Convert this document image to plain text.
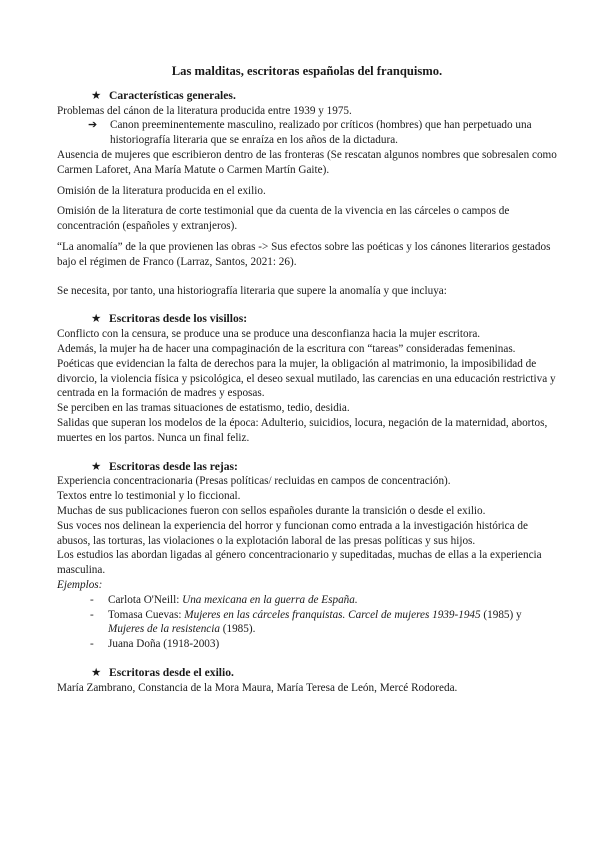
Las malditas, escritoras españolas del franquismo.

★ Características generales.

Problemas del cánon de la literatura producida entre 1939 y 1975.

➔ Canon preeminentemente masculino, realizado por críticos (hombres) que han perpetuado una historiografía literaria que se enraíza en los años de la dictadura.

Ausencia de mujeres que escribieron dentro de las fronteras (Se rescatan algunos nombres que sobresalen como Carmen Laforet, Ana María Matute o Carmen Martín Gaite).

Omisión de la literatura producida en el exilio.

Omisión de la literatura de corte testimonial que da cuenta de la vivencia en las cárceles o campos de concentración (españoles y extranjeros).

“La anomalía” de la que provienen las obras -> Sus efectos sobre las poéticas y los cánones literarios gestados bajo el régimen de Franco (Larraz, Santos, 2021: 26).

Se necesita, por tanto, una historiografía literaria que supere la anomalía y que incluya:

★ Escritoras desde los visillos:

Conflicto con la censura, se produce una se produce una desconfianza hacia la mujer escritora.

Además, la mujer ha de hacer una compaginación de la escritura con “tareas” consideradas femeninas.

Poéticas que evidencian la falta de derechos para la mujer, la obligación al matrimonio, la imposibilidad de divorcio, la violencia física y psicológica, el deseo sexual mutilado, las carencias en una educación restrictiva y centrada en la formación de madres y esposas.

Se perciben en las tramas situaciones de estatismo, tedio, desidia.

Salidas que superan los modelos de la época: Adulterio, suicidios, locura, negación de la maternidad, abortos, muertes en los partos. Nunca un final feliz.

★ Escritoras desde las rejas:

Experiencia concentracionaria (Presas políticas/ recluidas en campos de concentración).

Textos entre lo testimonial y lo ficcional.

Muchas de sus publicaciones fueron con sellos españoles durante la transición o desde el exilio.

Sus voces nos delinean la experiencia del horror y funcionan como entrada a la investigación histórica de abusos, las torturas, las violaciones o la explotación laboral de las presas políticas y sus hijos.

Los estudios las abordan ligadas al género concentracionario y supeditadas, muchas de ellas a la experiencia masculina.

Ejemplos:

- Carlota O'Neill: Una mexicana en la guerra de España.
- Tomasa Cuevas: Mujeres en las cárceles franquistas. Carcel de mujeres 1939-1945 (1985) y Mujeres de la resistencia (1985).
- Juana Doña (1918-2003)

★ Escritoras desde el exilio.

María Zambrano, Constancia de la Mora Maura, María Teresa de León, Mercé Rodoreda.
